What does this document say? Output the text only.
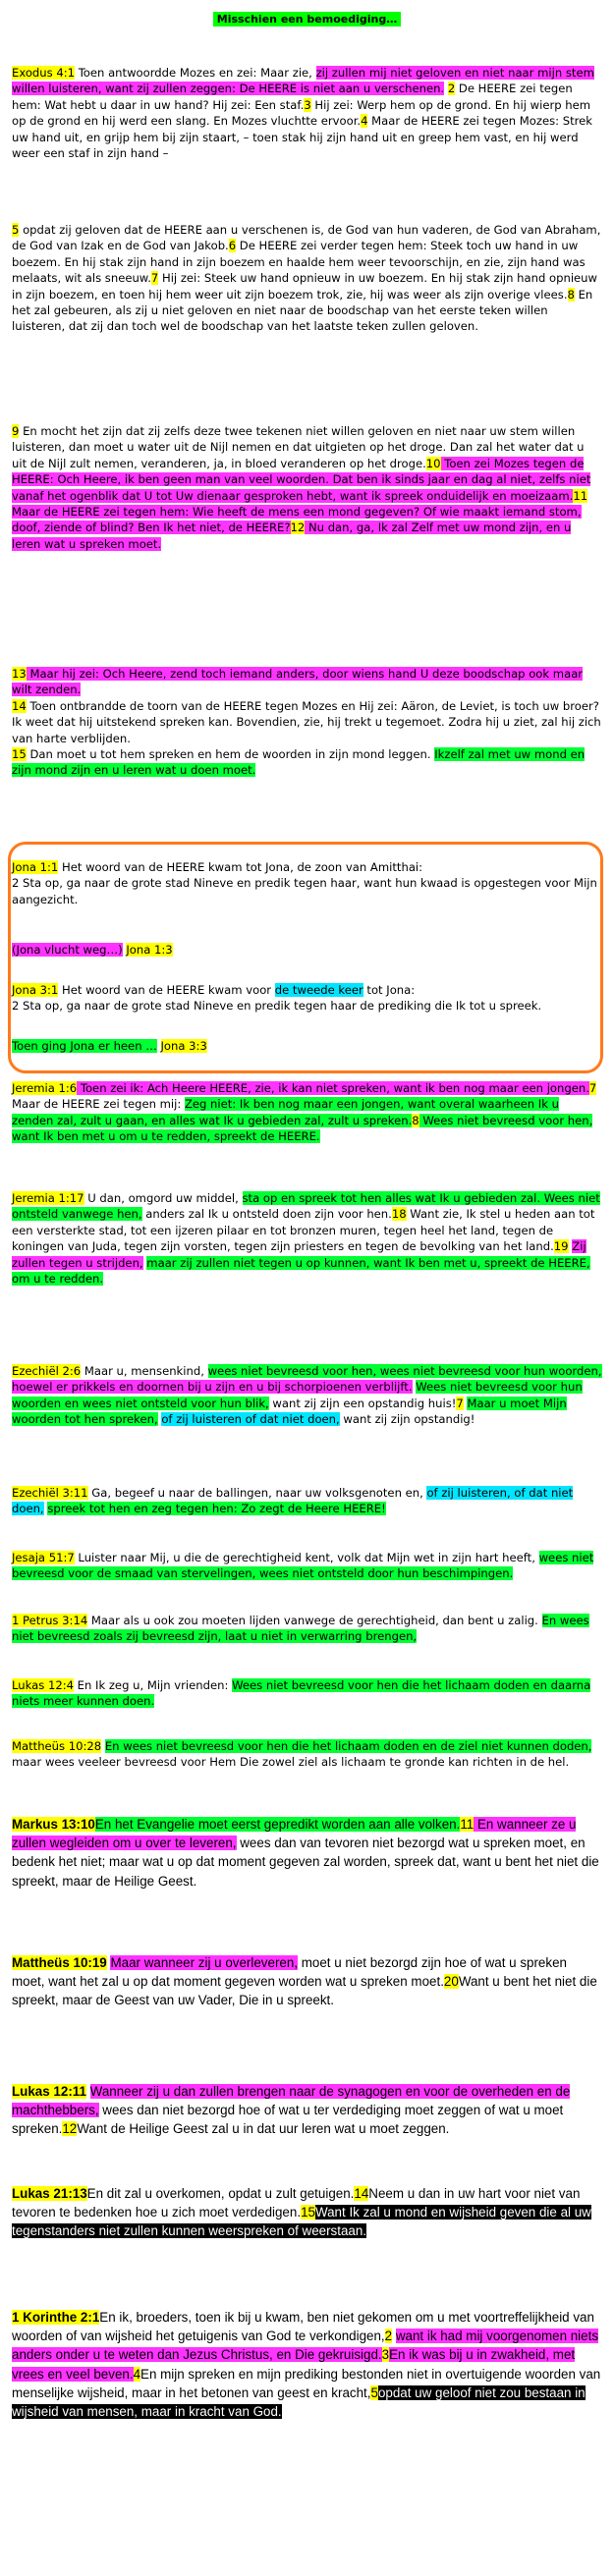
Misschien een bemoediging…

Exodus 4:1 Toen antwoordde Mozes en zei: Maar zie, zij zullen mij niet geloven en niet naar mijn stem willen luisteren, want zij zullen zeggen: De HEERE is niet aan u verschenen. 2 De HEERE zei tegen hem: Wat hebt u daar in uw hand? Hij zei: Een staf.3 Hij zei: Werp hem op de grond. En hij wierp hem op de grond en hij werd een slang. En Mozes vluchtte ervoor.4 Maar de HEERE zei tegen Mozes: Strek uw hand uit, en grijp hem bij zijn staart, – toen stak hij zijn hand uit en greep hem vast, en hij werd weer een staf in zijn hand –

5 opdat zij geloven dat de HEERE aan u verschenen is, de God van hun vaderen, de God van Abraham, de God van Izak en de God van Jakob.6 De HEERE zei verder tegen hem: Steek toch uw hand in uw boezem. En hij stak zijn hand in zijn boezem en haalde hem weer tevoorschijn, en zie, zijn hand was melaats, wit als sneeuw.7 Hij zei: Steek uw hand opnieuw in uw boezem. En hij stak zijn hand opnieuw in zijn boezem, en toen hij hem weer uit zijn boezem trok, zie, hij was weer als zijn overige vlees.8 En het zal gebeuren, als zij u niet geloven en niet naar de boodschap van het eerste teken willen luisteren, dat zij dan toch wel de boodschap van het laatste teken zullen geloven.

9 En mocht het zijn dat zij zelfs deze twee tekenen niet willen geloven en niet naar uw stem willen luisteren, dan moet u water uit de Nijl nemen en dat uitgieten op het droge. Dan zal het water dat u uit de Nijl zult nemen, veranderen, ja, in bloed veranderen op het droge.10 Toen zei Mozes tegen de HEERE: Och Heere, ik ben geen man van veel woorden. Dat ben ik sinds jaar en dag al niet, zelfs niet vanaf het ogenblik dat U tot Uw dienaar gesproken hebt, want ik spreek onduidelijk en moeizaam.11 Maar de HEERE zei tegen hem: Wie heeft de mens een mond gegeven? Of wie maakt iemand stom, doof, ziende of blind? Ben Ik het niet, de HEERE?12 Nu dan, ga, Ik zal Zelf met uw mond zijn, en u leren wat u spreken moet.

13 Maar hij zei: Och Heere, zend toch iemand anders, door wiens hand U deze boodschap ook maar wilt zenden.
14 Toen ontbrandde de toorn van de HEERE tegen Mozes en Hij zei: Aäron, de Leviet, is toch uw broer? Ik weet dat hij uitstekend spreken kan. Bovendien, zie, hij trekt u tegemoet. Zodra hij u ziet, zal hij zich van harte verblijden.
15 Dan moet u tot hem spreken en hem de woorden in zijn mond leggen. Ikzelf zal met uw mond en zijn mond zijn en u leren wat u doen moet.

Jona 1:1 Het woord van de HEERE kwam tot Jona, de zoon van Amitthai:
2 Sta op, ga naar de grote stad Nineve en predik tegen haar, want hun kwaad is opgestegen voor Mijn aangezicht.

(Jona vlucht weg…) Jona 1:3

Jona 3:1 Het woord van de HEERE kwam voor de tweede keer tot Jona:
2 Sta op, ga naar de grote stad Nineve en predik tegen haar de prediking die Ik tot u spreek.

Toen ging Jona er heen … Jona 3:3

Jeremia 1:6 Toen zei ik: Ach Heere HEERE, zie, ik kan niet spreken, want ik ben nog maar een jongen.7 Maar de HEERE zei tegen mij: Zeg niet: Ik ben nog maar een jongen, want overal waarheen Ik u zenden zal, zult u gaan, en alles wat Ik u gebieden zal, zult u spreken.8 Wees niet bevreesd voor hen, want Ik ben met u om u te redden, spreekt de HEERE.

Jeremia 1:17 U dan, omgord uw middel, sta op en spreek tot hen alles wat Ik u gebieden zal. Wees niet ontsteld vanwege hen, anders zal Ik u ontsteld doen zijn voor hen.18 Want zie, Ik stel u heden aan tot een versterkte stad, tot een ijzeren pilaar en tot bronzen muren, tegen heel het land, tegen de koningen van Juda, tegen zijn vorsten, tegen zijn priesters en tegen de bevolking van het land.19 Zij zullen tegen u strijden, maar zij zullen niet tegen u op kunnen, want Ik ben met u, spreekt de HEERE, om u te redden.

Ezechiël 2:6 Maar u, mensenkind, wees niet bevreesd voor hen, wees niet bevreesd voor hun woorden, hoewel er prikkels en doornen bij u zijn en u bij schorpioenen verblijft. Wees niet bevreesd voor hun woorden en wees niet ontsteld voor hun blik, want zij zijn een opstandig huis!7 Maar u moet Mijn woorden tot hen spreken, of zij luisteren of dat niet doen, want zij zijn opstandig!

Ezechiël 3:11 Ga, begeef u naar de ballingen, naar uw volksgenoten en, of zij luisteren, of dat niet doen, spreek tot hen en zeg tegen hen: Zo zegt de Heere HEERE!

Jesaja 51:7 Luister naar Mij, u die de gerechtigheid kent, volk dat Mijn wet in zijn hart heeft, wees niet bevreesd voor de smaad van stervelingen, wees niet ontsteld door hun beschimpingen.

1 Petrus 3:14 Maar als u ook zou moeten lijden vanwege de gerechtigheid, dan bent u zalig. En wees niet bevreesd zoals zij bevreesd zijn, laat u niet in verwarring brengen,

Lukas 12:4 En Ik zeg u, Mijn vrienden: Wees niet bevreesd voor hen die het lichaam doden en daarna niets meer kunnen doen.

Mattheüs 10:28 En wees niet bevreesd voor hen die het lichaam doden en de ziel niet kunnen doden, maar wees veeleer bevreesd voor Hem Die zowel ziel als lichaam te gronde kan richten in de hel.

Markus 13:10En het Evangelie moet eerst gepredikt worden aan alle volken.11 En wanneer ze u zullen wegleiden om u over te leveren, wees dan van tevoren niet bezorgd wat u spreken moet, en bedenk het niet; maar wat u op dat moment gegeven zal worden, spreek dat, want u bent het niet die spreekt, maar de Heilige Geest.

Mattheüs 10:19 Maar wanneer zij u overleveren, moet u niet bezorgd zijn hoe of wat u spreken moet, want het zal u op dat moment gegeven worden wat u spreken moet.20Want u bent het niet die spreekt, maar de Geest van uw Vader, Die in u spreekt.

Lukas 12:11 Wanneer zij u dan zullen brengen naar de synagogen en voor de overheden en de machthebbers, wees dan niet bezorgd hoe of wat u ter verdediging moet zeggen of wat u moet spreken.12Want de Heilige Geest zal u in dat uur leren wat u moet zeggen.

Lukas 21:13En dit zal u overkomen, opdat u zult getuigen.14Neem u dan in uw hart voor niet van tevoren te bedenken hoe u zich moet verdedigen.15Want Ik zal u mond en wijsheid geven die al uw tegenstanders niet zullen kunnen weerspreken of weerstaan.

1 Korinthe 2:1En ik, broeders, toen ik bij u kwam, ben niet gekomen om u met voortreffelijkheid van woorden of van wijsheid het getuigenis van God te verkondigen,2 want ik had mij voorgenomen niets anders onder u te weten dan Jezus Christus, en Die gekruisigd.3En ik was bij u in zwakheid, met vrees en veel beven.4En mijn spreken en mijn prediking bestonden niet in overtuigende woorden van menselijke wijsheid, maar in het betonen van geest en kracht,5opdat uw geloof niet zou bestaan in wijsheid van mensen, maar in kracht van God.
